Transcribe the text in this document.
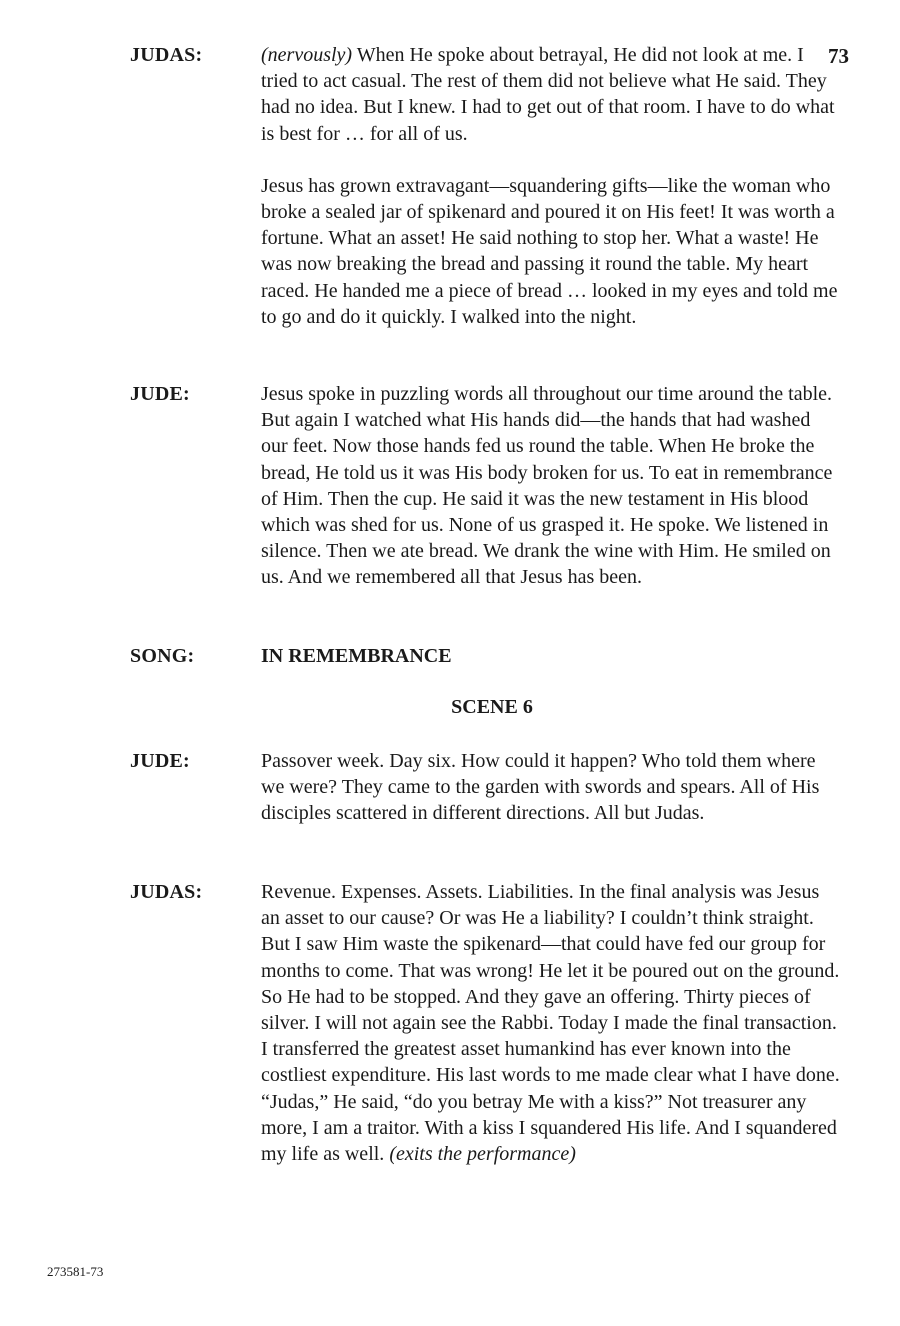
73
JUDAS:	(nervously) When He spoke about betrayal, He did not look at me. I tried to act casual. The rest of them did not believe what He said. They had no idea. But I knew. I had to get out of that room. I have to do what is best for … for all of us.

Jesus has grown extravagant—squandering gifts—like the woman who broke a sealed jar of spikenard and poured it on His feet! It was worth a fortune. What an asset! He said nothing to stop her. What a waste! He was now breaking the bread and passing it round the table. My heart raced. He handed me a piece of bread … looked in my eyes and told me to go and do it quickly. I walked into the night.

JUDE:	Jesus spoke in puzzling words all throughout our time around the table. But again I watched what His hands did—the hands that had washed our feet. Now those hands fed us round the table. When He broke the bread, He told us it was His body broken for us. To eat in remembrance of Him. Then the cup. He said it was the new testament in His blood which was shed for us. None of us grasped it. He spoke. We listened in silence. Then we ate bread. We drank the wine with Him. He smiled on us. And we remembered all that Jesus has been.

SONG:	IN REMEMBRANCE

SCENE 6
JUDE:	Passover week. Day six. How could it happen? Who told them where we were? They came to the garden with swords and spears. All of His disciples scattered in different directions. All but Judas.

JUDAS:	Revenue. Expenses. Assets. Liabilities. In the final analysis was Jesus an asset to our cause? Or was He a liability? I couldn’t think straight. But I saw Him waste the spikenard—that could have fed our group for months to come. That was wrong! He let it be poured out on the ground. So He had to be stopped. And they gave an offering. Thirty pieces of silver. I will not again see the Rabbi. Today I made the final transaction. I transferred the greatest asset humankind has ever known into the costliest expenditure. His last words to me made clear what I have done. “Judas,” He said, “do you betray Me with a kiss?” Not treasurer any more, I am a traitor. With a kiss I squandered His life. And I squandered my life as well. (exits the performance)

273581-73
